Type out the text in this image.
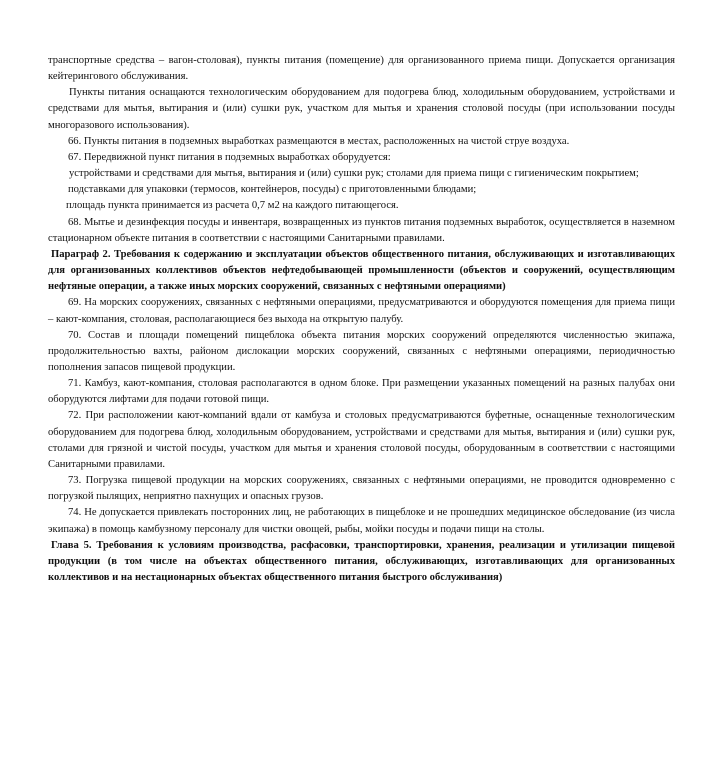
транспортные средства – вагон-столовая), пункты питания (помещение) для организованного приема пищи. Допускается организация кейтерингового обслуживания.

Пункты питания оснащаются технологическим оборудованием для подогрева блюд, холодильным оборудованием, устройствами и средствами для мытья, вытирания и (или) сушки рук, участком для мытья и хранения столовой посуды (при использовании посуды многоразового использования).

66. Пункты питания в подземных выработках размещаются в местах, расположенных на чистой струе воздуха.

67. Передвижной пункт питания в подземных выработках оборудуется:

устройствами и средствами для мытья, вытирания и (или) сушки рук; столами для приема пищи с гигиеническим покрытием;

подставками для упаковки (термосов, контейнеров, посуды) с приготовленными блюдами;

площадь пункта принимается из расчета 0,7 м2 на каждого питающегося.

68. Мытье и дезинфекция посуды и инвентаря, возвращенных из пунктов питания подземных выработок, осуществляется в наземном стационарном объекте питания в соответствии с настоящими Санитарными правилами.

Параграф 2. Требования к содержанию и эксплуатации объектов общественного питания, обслуживающих и изготавливающих для организованных коллективов объектов нефтедобывающей промышленности (объектов и сооружений, осуществляющим нефтяные операции, а также иных морских сооружений, связанных с нефтяными операциями)

69. На морских сооружениях, связанных с нефтяными операциями, предусматриваются и оборудуются помещения для приема пищи – кают-компания, столовая, располагающиеся без выхода на открытую палубу.

70. Состав и площади помещений пищеблока объекта питания морских сооружений определяются численностью экипажа, продолжительностью вахты, районом дислокации морских сооружений, связанных с нефтяными операциями, периодичностью пополнения запасов пищевой продукции.

71. Камбуз, кают-компания, столовая располагаются в одном блоке. При размещении указанных помещений на разных палубах они оборудуются лифтами для подачи готовой пищи.

72. При расположении кают-компаний вдали от камбуза и столовых предусматриваются буфетные, оснащенные технологическим оборудованием для подогрева блюд, холодильным оборудованием, устройствами и средствами для мытья, вытирания и (или) сушки рук, столами для грязной и чистой посуды, участком для мытья и хранения столовой посуды, оборудованным в соответствии с настоящими Санитарными правилами.

73. Погрузка пищевой продукции на морских сооружениях, связанных с нефтяными операциями, не проводится одновременно с погрузкой пылящих, неприятно пахнущих и опасных грузов.

74. Не допускается привлекать посторонних лиц, не работающих в пищеблоке и не прошедших медицинское обследование (из числа экипажа) в помощь камбузному персоналу для чистки овощей, рыбы, мойки посуды и подачи пищи на столы.

Глава 5. Требования к условиям производства, расфасовки, транспортировки, хранения, реализации и утилизации пищевой продукции (в том числе на объектах общественного питания, обслуживающих, изготавливающих для организованных коллективов и на нестационарных объектах общественного питания быстрого обслуживания)
